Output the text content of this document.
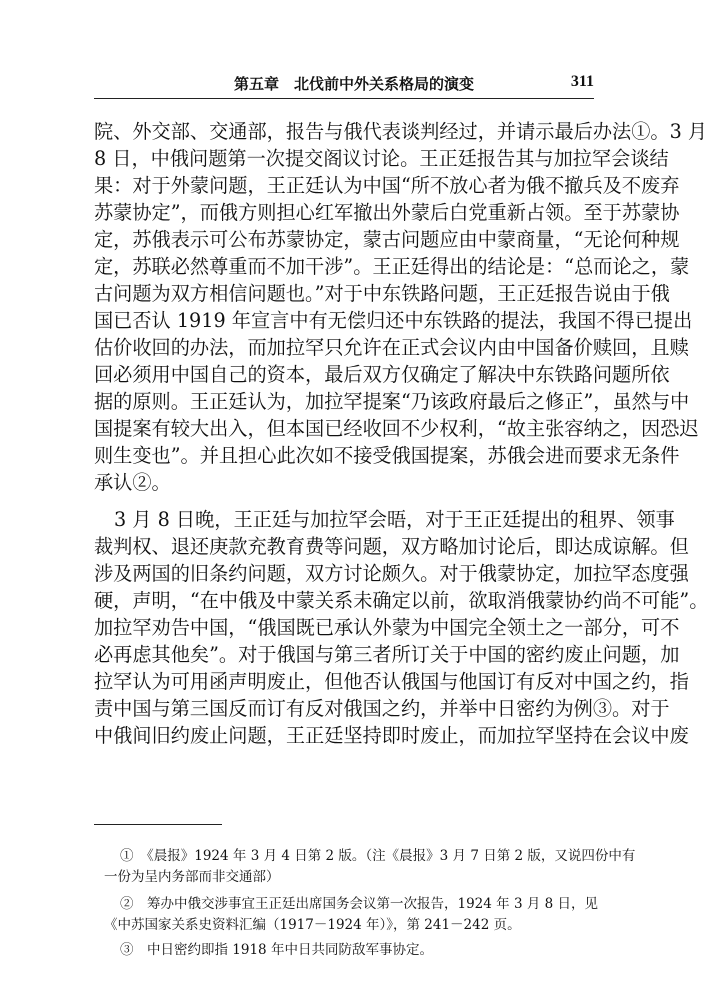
第五章　北伐前中外关系格局的演变	311
院、外交部、交通部，报告与俄代表谈判经过，并请示最后办法①。3 月
8 日，中俄问题第一次提交阁议讨论。王正廷报告其与加拉罕会谈结
果：对于外蒙问题，王正廷认为中国“所不放心者为俄不撤兵及不废弃
苏蒙协定”，而俄方则担心红军撤出外蒙后白党重新占领。至于苏蒙协
定，苏俄表示可公布苏蒙协定，蒙古问题应由中蒙商量，“无论何种规
定，苏联必然尊重而不加干涉”。王正廷得出的结论是：“总而论之，蒙
古问题为双方相信问题也。”对于中东铁路问题，王正廷报告说由于俄
国已否认 1919 年宣言中有无偿归还中东铁路的提法，我国不得已提出
估价收回的办法，而加拉罕只允许在正式会议内由中国备价赎回，且赎
回必须用中国自己的资本，最后双方仅确定了解决中东铁路问题所依
据的原则。王正廷认为，加拉罕提案“乃该政府最后之修正”，虽然与中
国提案有较大出入，但本国已经收回不少权利，“故主张容纳之，因恐迟
则生变也”。并且担心此次如不接受俄国提案，苏俄会进而要求无条件
承认②。
3 月 8 日晚，王正廷与加拉罕会晤，对于王正廷提出的租界、领事
裁判权、退还庚款充教育费等问题，双方略加讨论后，即达成谅解。但
涉及两国的旧条约问题，双方讨论颇久。对于俄蒙协定，加拉罕态度强
硬，声明，“在中俄及中蒙关系未确定以前，欲取消俄蒙协约尚不可能”。
加拉罕劝告中国，“俄国既已承认外蒙为中国完全领土之一部分，可不
必再虑其他矣”。对于俄国与第三者所订关于中国的密约废止问题，加
拉罕认为可用函声明废止，但他否认俄国与他国订有反对中国之约，指
责中国与第三国反而订有反对俄国之约，并举中日密约为例③。对于
中俄间旧约废止问题，王正廷坚持即时废止，而加拉罕坚持在会议中废
①　《晨报》1924 年 3 月 4 日第 2 版。（注《晨报》3 月 7 日第 2 版，又说四份中有
一份为呈内务部而非交通部）
②　筹办中俄交涉事宜王正廷出席国务会议第一次报告，1924 年 3 月 8 日，见
《中苏国家关系史资料汇编（1917－1924 年）》，第 241－242 页。
③　中日密约即指 1918 年中日共同防敌军事协定。
